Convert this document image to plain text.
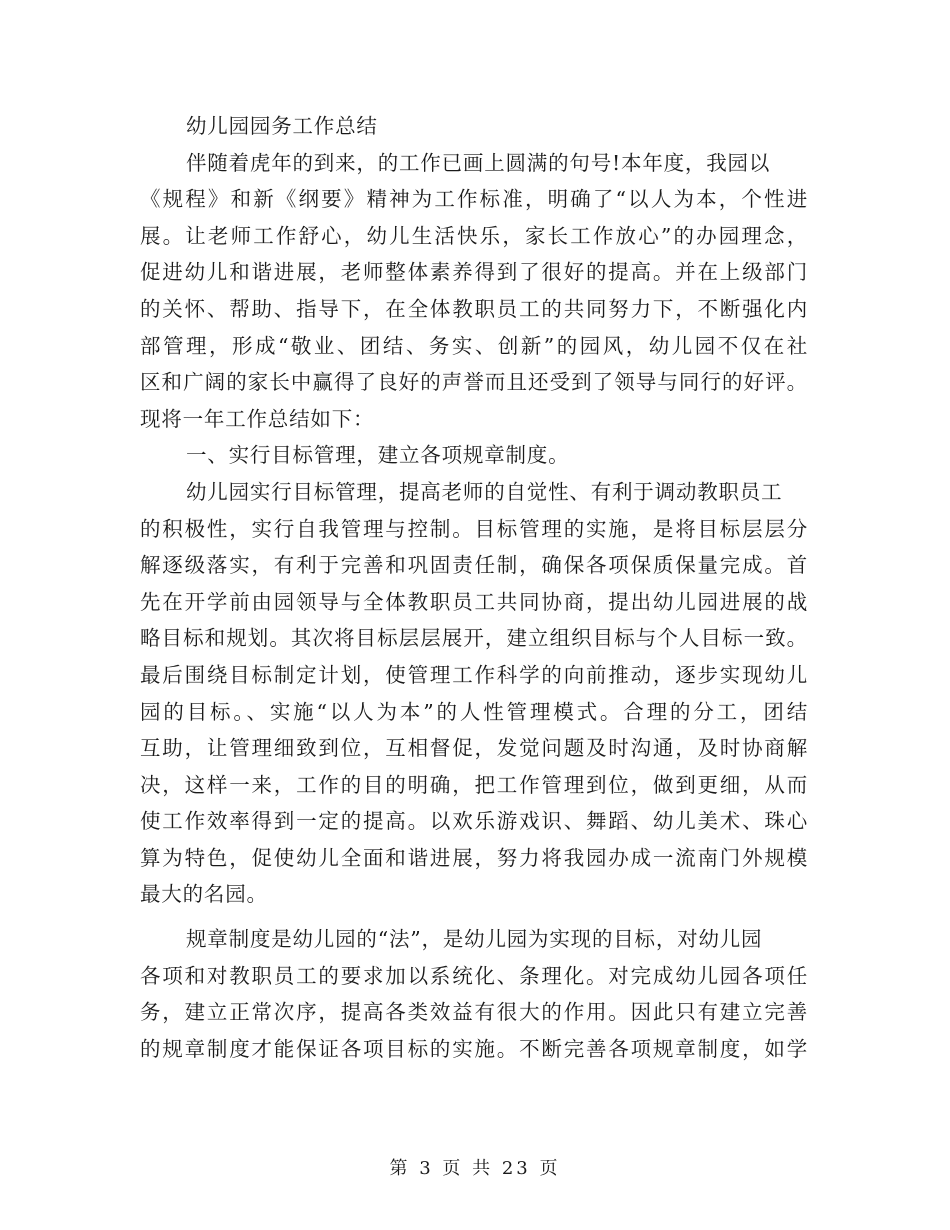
幼儿园园务工作总结
伴随着虎年的到来，的工作已画上圆满的句号!本年度，我园以
《规程》和新《纲要》精神为工作标准，明确了“以人为本，个性进
展。让老师工作舒心，幼儿生活快乐，家长工作放心”的办园理念，
促进幼儿和谐进展，老师整体素养得到了很好的提高。并在上级部门
的关怀、帮助、指导下，在全体教职员工的共同努力下，不断强化内
部管理，形成“敬业、团结、务实、创新”的园风，幼儿园不仅在社
区和广阔的家长中赢得了良好的声誉而且还受到了领导与同行的好评。
现将一年工作总结如下：
一、实行目标管理，建立各项规章制度。
幼儿园实行目标管理，提高老师的自觉性、有利于调动教职员工
的积极性，实行自我管理与控制。目标管理的实施，是将目标层层分
解逐级落实，有利于完善和巩固责任制，确保各项保质保量完成。首
先在开学前由园领导与全体教职员工共同协商，提出幼儿园进展的战
略目标和规划。其次将目标层层展开，建立组织目标与个人目标一致。
最后围绕目标制定计划，使管理工作科学的向前推动，逐步实现幼儿
园的目标。、实施“以人为本”的人性管理模式。合理的分工，团结
互助，让管理细致到位，互相督促，发觉问题及时沟通，及时协商解
决，这样一来，工作的目的明确，把工作管理到位，做到更细，从而
使工作效率得到一定的提高。以欢乐游戏识、舞蹈、幼儿美术、珠心
算为特色，促使幼儿全面和谐进展，努力将我园办成一流南门外规模
最大的名园。
规章制度是幼儿园的“法”，是幼儿园为实现的目标，对幼儿园
各项和对教职员工的要求加以系统化、条理化。对完成幼儿园各项任
务，建立正常次序，提高各类效益有很大的作用。因此只有建立完善
的规章制度才能保证各项目标的实施。不断完善各项规章制度，如学
第 3 页 共 23 页
